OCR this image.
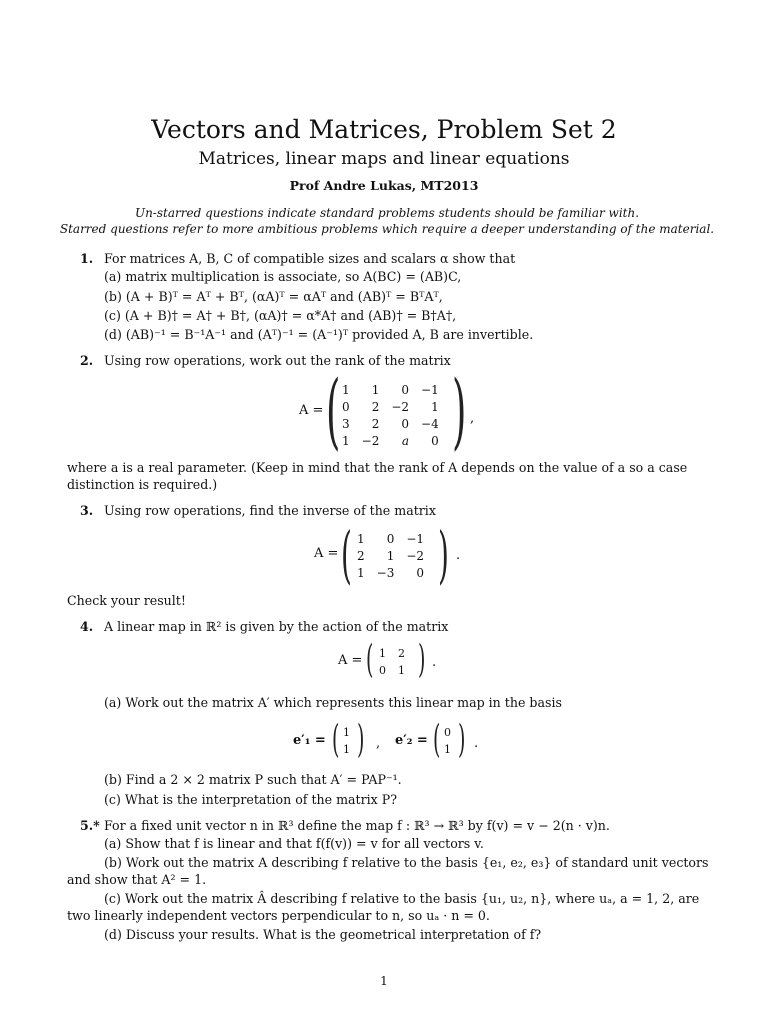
Vectors and Matrices, Problem Set 2
Matrices, linear maps and linear equations
Prof Andre Lukas, MT2013
Un-starred questions indicate standard problems students should be familiar with.
Starred questions refer to more ambitious problems which require a deeper understanding of the material.
1. For matrices A, B, C of compatible sizes and scalars α show that
(a) matrix multiplication is associate, so A(BC) = (AB)C,
(b) (A + B)ᵀ = Aᵀ + Bᵀ, (αA)ᵀ = αAᵀ and (AB)ᵀ = BᵀAᵀ,
(c) (A + B)† = A† + B†, (αA)† = α*A† and (AB)† = B†A†,
(d) (AB)⁻¹ = B⁻¹A⁻¹ and (Aᵀ)⁻¹ = (A⁻¹)ᵀ provided A, B are invertible.
2. Using row operations, work out the rank of the matrix
A = ( 1	1	0	−1
0	2	−2	1
3	2	0	−4
1	−2	a	0 ) ,
where a is a real parameter. (Keep in mind that the rank of A depends on the value of a so a case
distinction is required.)
3. Using row operations, find the inverse of the matrix
A = ( 1	0	−1
2	1	−2
1	−3	0 ) .
Check your result!
4. A linear map in ℝ² is given by the action of the matrix
A = ( 1	2
0	1 ) .
(a) Work out the matrix A′ which represents this linear map in the basis
e′₁ = ( 1
1 ) , e′₂ = ( 0
1 ) .
(b) Find a 2 × 2 matrix P such that A′ = PAP⁻¹.
(c) What is the interpretation of the matrix P?
5.* For a fixed unit vector n in ℝ³ define the map f : ℝ³ → ℝ³ by f(v) = v − 2(n · v)n.
(a) Show that f is linear and that f(f(v)) = v for all vectors v.
(b) Work out the matrix A describing f relative to the basis {e₁, e₂, e₃} of standard unit vectors
and show that A² = 1.
(c) Work out the matrix Â describing f relative to the basis {u₁, u₂, n}, where uₐ, a = 1, 2, are
two linearly independent vectors perpendicular to n, so uₐ · n = 0.
(d) Discuss your results. What is the geometrical interpretation of f?
1
